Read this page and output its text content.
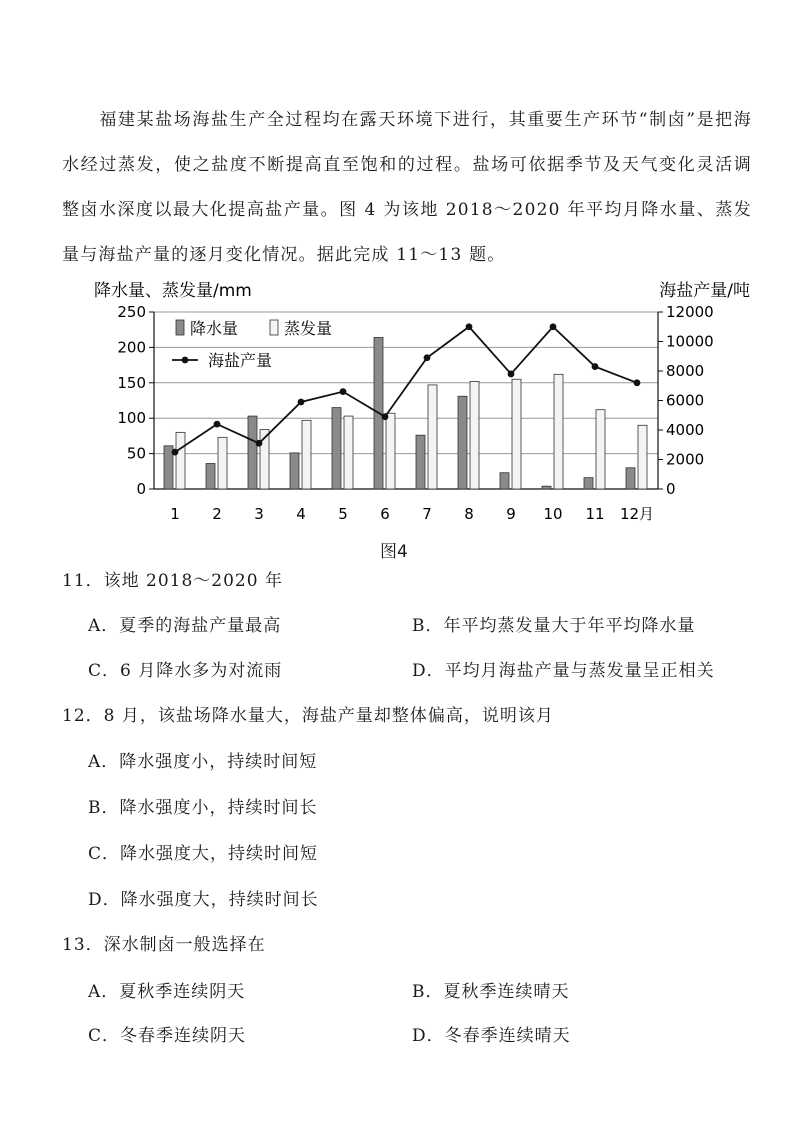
福建某盐场海盐生产全过程均在露天环境下进行，其重要生产环节“制卤”是把海水经过蒸发，使之盐度不断提高直至饱和的过程。盐场可依据季节及天气变化灵活调整卤水深度以最大化提高盐产量。图 4 为该地 2018～2020 年平均月降水量、蒸发量与海盐产量的逐月变化情况。据此完成 11～13 题。

降水量、蒸发量/mm	海盐产量/吨
0
50
100
150
200
250
0
2000
4000
6000
8000
10000
12000
1 2 3 4 5 6 7 8 9 10 11 12月
降水量	蒸发量
海盐产量
图4
11．该地 2018～2020 年
A．夏季的海盐产量最高	B．年平均蒸发量大于年平均降水量
C．6 月降水多为对流雨	D．平均月海盐产量与蒸发量呈正相关
12．8 月，该盐场降水量大，海盐产量却整体偏高，说明该月
A．降水强度小，持续时间短
B．降水强度小，持续时间长
C．降水强度大，持续时间短
D．降水强度大，持续时间长
13．深水制卤一般选择在
A．夏秋季连续阴天	B．夏秋季连续晴天
C．冬春季连续阴天	D．冬春季连续晴天
